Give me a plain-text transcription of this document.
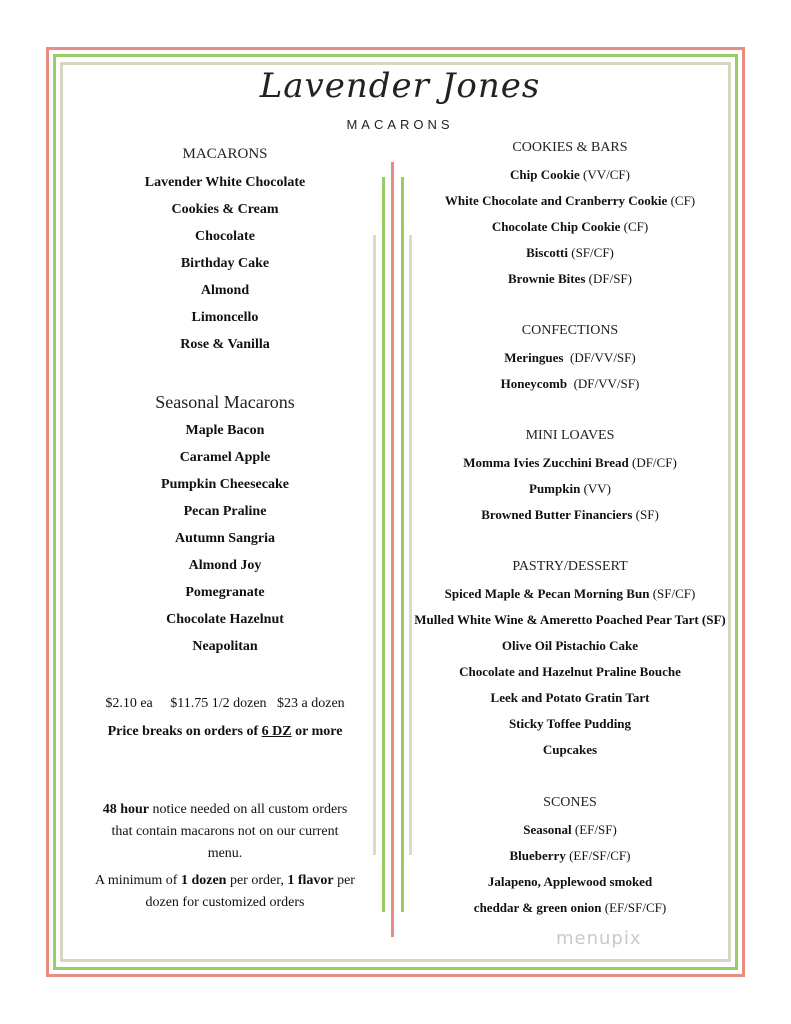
Lavender Jones
MACARONS
MACARONS
Lavender White Chocolate
Cookies & Cream
Chocolate
Birthday Cake
Almond
Limoncello
Rose & Vanilla
Seasonal Macarons
Maple Bacon
Caramel Apple
Pumpkin Cheesecake
Pecan Praline
Autumn Sangria
Almond Joy
Pomegranate
Chocolate Hazelnut
Neapolitan
$2.10 ea     $11.75 1/2 dozen   $23 a dozen
Price breaks on orders of 6 DZ or more
48 hour notice needed on all custom orders
that contain macarons not on our current
menu.
A minimum of 1 dozen per order, 1 flavor per
dozen for customized orders
COOKIES & BARS
Chip Cookie (VV/CF)
White Chocolate and Cranberry Cookie (CF)
Chocolate Chip Cookie (CF)
Biscotti (SF/CF)
Brownie Bites (DF/SF)
CONFECTIONS
Meringues  (DF/VV/SF)
Honeycomb  (DF/VV/SF)
MINI LOAVES
Momma Ivies Zucchini Bread (DF/CF)
Pumpkin (VV)
Browned Butter Financiers (SF)
PASTRY/DESSERT
Spiced Maple & Pecan Morning Bun (SF/CF)
Mulled White Wine & Ameretto Poached Pear Tart (SF)
Olive Oil Pistachio Cake
Chocolate and Hazelnut Praline Bouche
Leek and Potato Gratin Tart
Sticky Toffee Pudding
Cupcakes
SCONES
Seasonal (EF/SF)
Blueberry (EF/SF/CF)
Jalapeno, Applewood smoked
cheddar & green onion (EF/SF/CF)
menupix
